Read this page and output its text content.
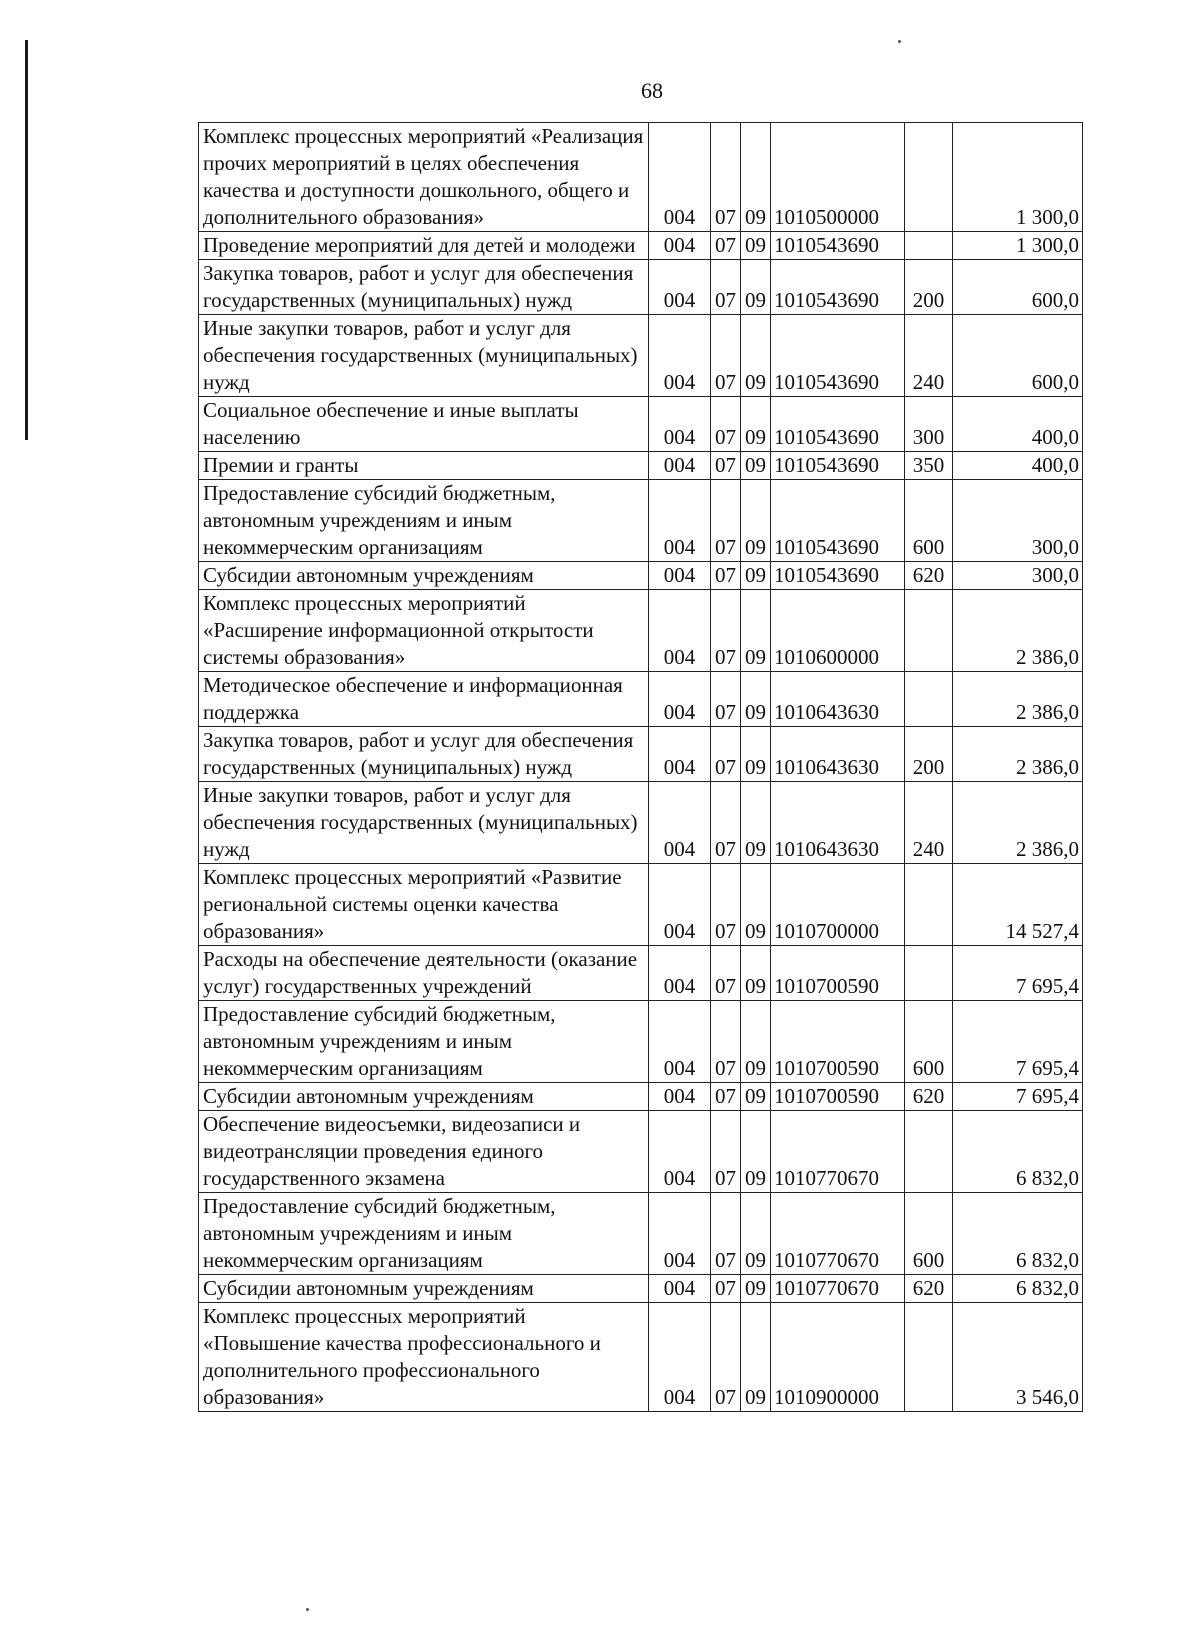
68
Комплекс процессных мероприятий «Реализация прочих мероприятий в целях обеспечения качества и доступности дошкольного, общего и дополнительного образования»	004	07	09	1010500000		1 300,0
Проведение мероприятий для детей и молодежи	004	07	09	1010543690		1 300,0
Закупка товаров, работ и услуг для обеспечения государственных (муниципальных) нужд	004	07	09	1010543690	200	600,0
Иные закупки товаров, работ и услуг для обеспечения государственных (муниципальных) нужд	004	07	09	1010543690	240	600,0
Социальное обеспечение и иные выплаты населению	004	07	09	1010543690	300	400,0
Премии и гранты	004	07	09	1010543690	350	400,0
Предоставление субсидий бюджетным, автономным учреждениям и иным некоммерческим организациям	004	07	09	1010543690	600	300,0
Субсидии автономным учреждениям	004	07	09	1010543690	620	300,0
Комплекс процессных мероприятий «Расширение информационной открытости системы образования»	004	07	09	1010600000		2 386,0
Методическое обеспечение и информационная поддержка	004	07	09	1010643630		2 386,0
Закупка товаров, работ и услуг для обеспечения государственных (муниципальных) нужд	004	07	09	1010643630	200	2 386,0
Иные закупки товаров, работ и услуг для обеспечения государственных (муниципальных) нужд	004	07	09	1010643630	240	2 386,0
Комплекс процессных мероприятий «Развитие региональной системы оценки качества образования»	004	07	09	1010700000		14 527,4
Расходы на обеспечение деятельности (оказание услуг) государственных учреждений	004	07	09	1010700590		7 695,4
Предоставление субсидий бюджетным, автономным учреждениям и иным некоммерческим организациям	004	07	09	1010700590	600	7 695,4
Субсидии автономным учреждениям	004	07	09	1010700590	620	7 695,4
Обеспечение видеосъемки, видеозаписи и видеотрансляции проведения единого государственного экзамена	004	07	09	1010770670		6 832,0
Предоставление субсидий бюджетным, автономным учреждениям и иным некоммерческим организациям	004	07	09	1010770670	600	6 832,0
Субсидии автономным учреждениям	004	07	09	1010770670	620	6 832,0
Комплекс процессных мероприятий «Повышение качества профессионального и дополнительного профессионального образования»	004	07	09	1010900000		3 546,0
